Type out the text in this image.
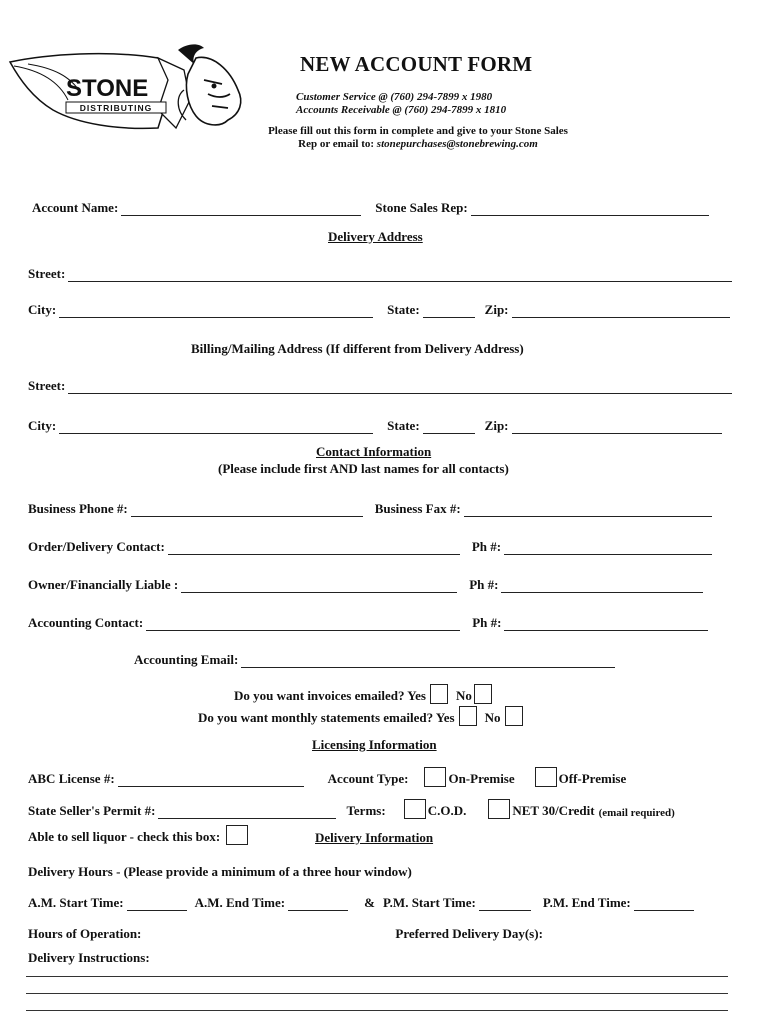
STONE
DISTRIBUTING
NEW ACCOUNT FORM
Customer Service @ (760) 294-7899 x 1980
Accounts Receivable @ (760) 294-7899 x 1810
Please fill out this form in complete and give to your Stone Sales
Rep or email to: stonepurchases@stonebrewing.com
Account Name:	Stone Sales Rep:
Delivery Address
Street:
City:	State:	Zip:
Billing/Mailing Address (If different from Delivery Address)
Street:
City:	State:	Zip:
Contact Information
(Please include first AND last names for all contacts)
Business Phone #:	Business Fax #:
Order/Delivery Contact:	Ph #:
Owner/Financially Liable :	Ph #:
Accounting Contact:	Ph #:
Accounting Email:
Do you want invoices emailed? Yes No
Do you want monthly statements emailed? Yes No
Licensing Information
ABC License #:	Account Type:	On-Premise	Off-Premise
State Seller's Permit #:	Terms:	C.O.D.	NET 30/Credit (email required)
Able to sell liquor - check this box:	Delivery Information
Delivery Hours - (Please provide a minimum of a three hour window)
A.M. Start Time:	A.M. End Time:	& P.M. Start Time:	P.M. End Time:
Hours of Operation:	Preferred Delivery Day(s):
Delivery Instructions:
